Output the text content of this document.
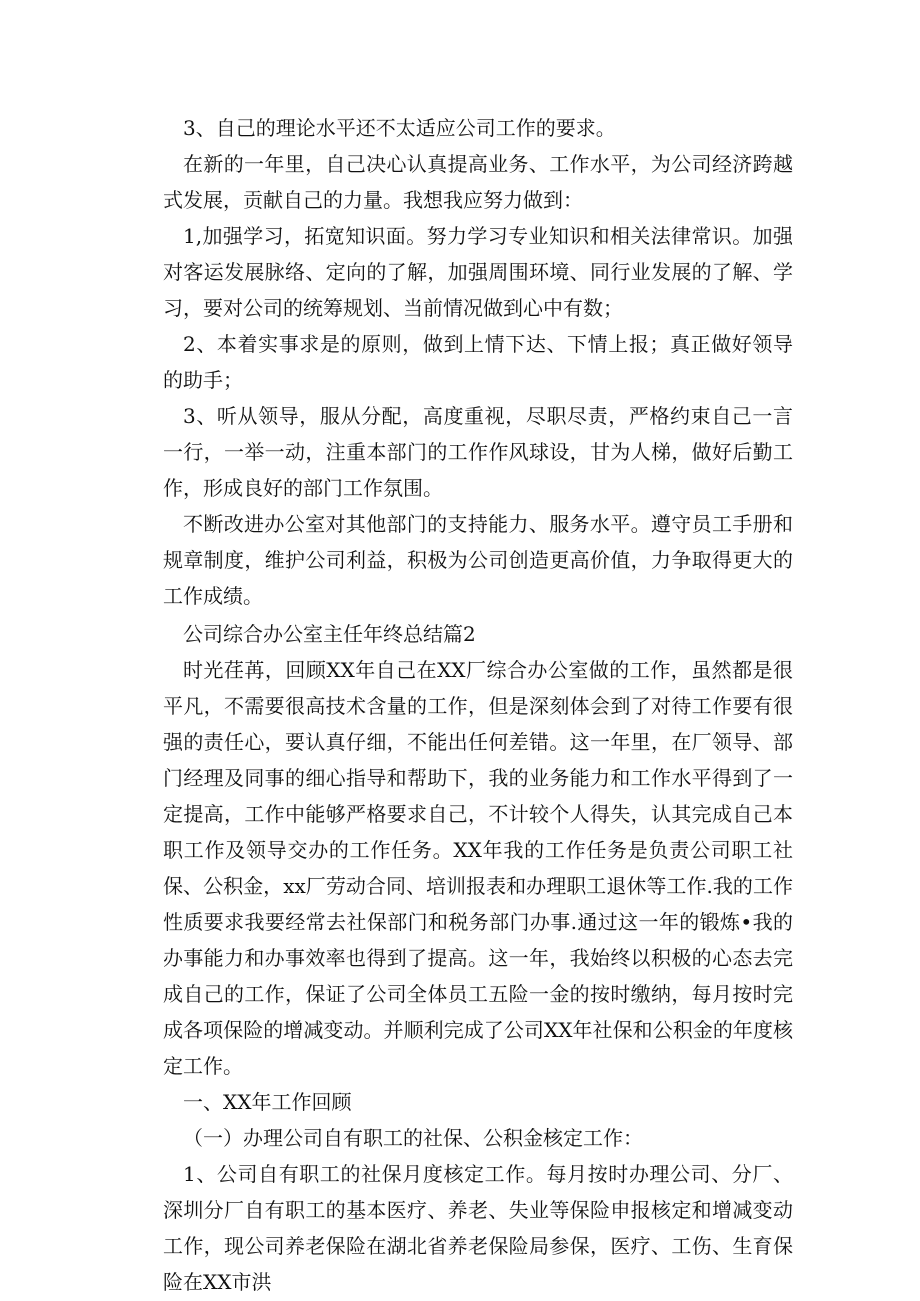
3、自己的理论水平还不太适应公司工作的要求。

在新的一年里，自己决心认真提高业务、工作水平，为公司经济跨越式发展，贡献自己的力量。我想我应努力做到：

1,加强学习，拓宽知识面。努力学习专业知识和相关法律常识。加强对客运发展脉络、定向的了解，加强周围环境、同行业发展的了解、学习，要对公司的统筹规划、当前情况做到心中有数；

2、本着实事求是的原则，做到上情下达、下情上报；真正做好领导的助手；

3、听从领导，服从分配，高度重视，尽职尽责，严格约束自己一言一行，一举一动，注重本部门的工作作风球设，甘为人梯，做好后勤工作，形成良好的部门工作氛围。

不断改进办公室对其他部门的支持能力、服务水平。遵守员工手册和规章制度，维护公司利益，积极为公司创造更高价值，力争取得更大的工作成绩。

公司综合办公室主任年终总结篇2

时光荏苒，回顾XX年自己在XX厂综合办公室做的工作，虽然都是很平凡，不需要很高技术含量的工作，但是深刻体会到了对待工作要有很强的责任心，要认真仔细，不能出任何差错。这一年里，在厂领导、部门经理及同事的细心指导和帮助下，我的业务能力和工作水平得到了一定提高，工作中能够严格要求自己，不计较个人得失，认其完成自己本职工作及领导交办的工作任务。XX年我的工作任务是负责公司职工社保、公积金，xx厂劳动合同、培训报表和办理职工退休等工作.我的工作性质要求我要经常去社保部门和税务部门办事.通过这一年的锻炼•我的办事能力和办事效率也得到了提高。这一年，我始终以积极的心态去完成自己的工作，保证了公司全体员工五险一金的按时缴纳，每月按时完成各项保险的增减变动。并顺利完成了公司XX年社保和公积金的年度核定工作。

一、XX年工作回顾

（一）办理公司自有职工的社保、公积金核定工作：

1、公司自有职工的社保月度核定工作。每月按时办理公司、分厂、深圳分厂自有职工的基本医疗、养老、失业等保险申报核定和增减变动工作，现公司养老保险在湖北省养老保险局参保，医疗、工伤、生育保险在XX市洪
